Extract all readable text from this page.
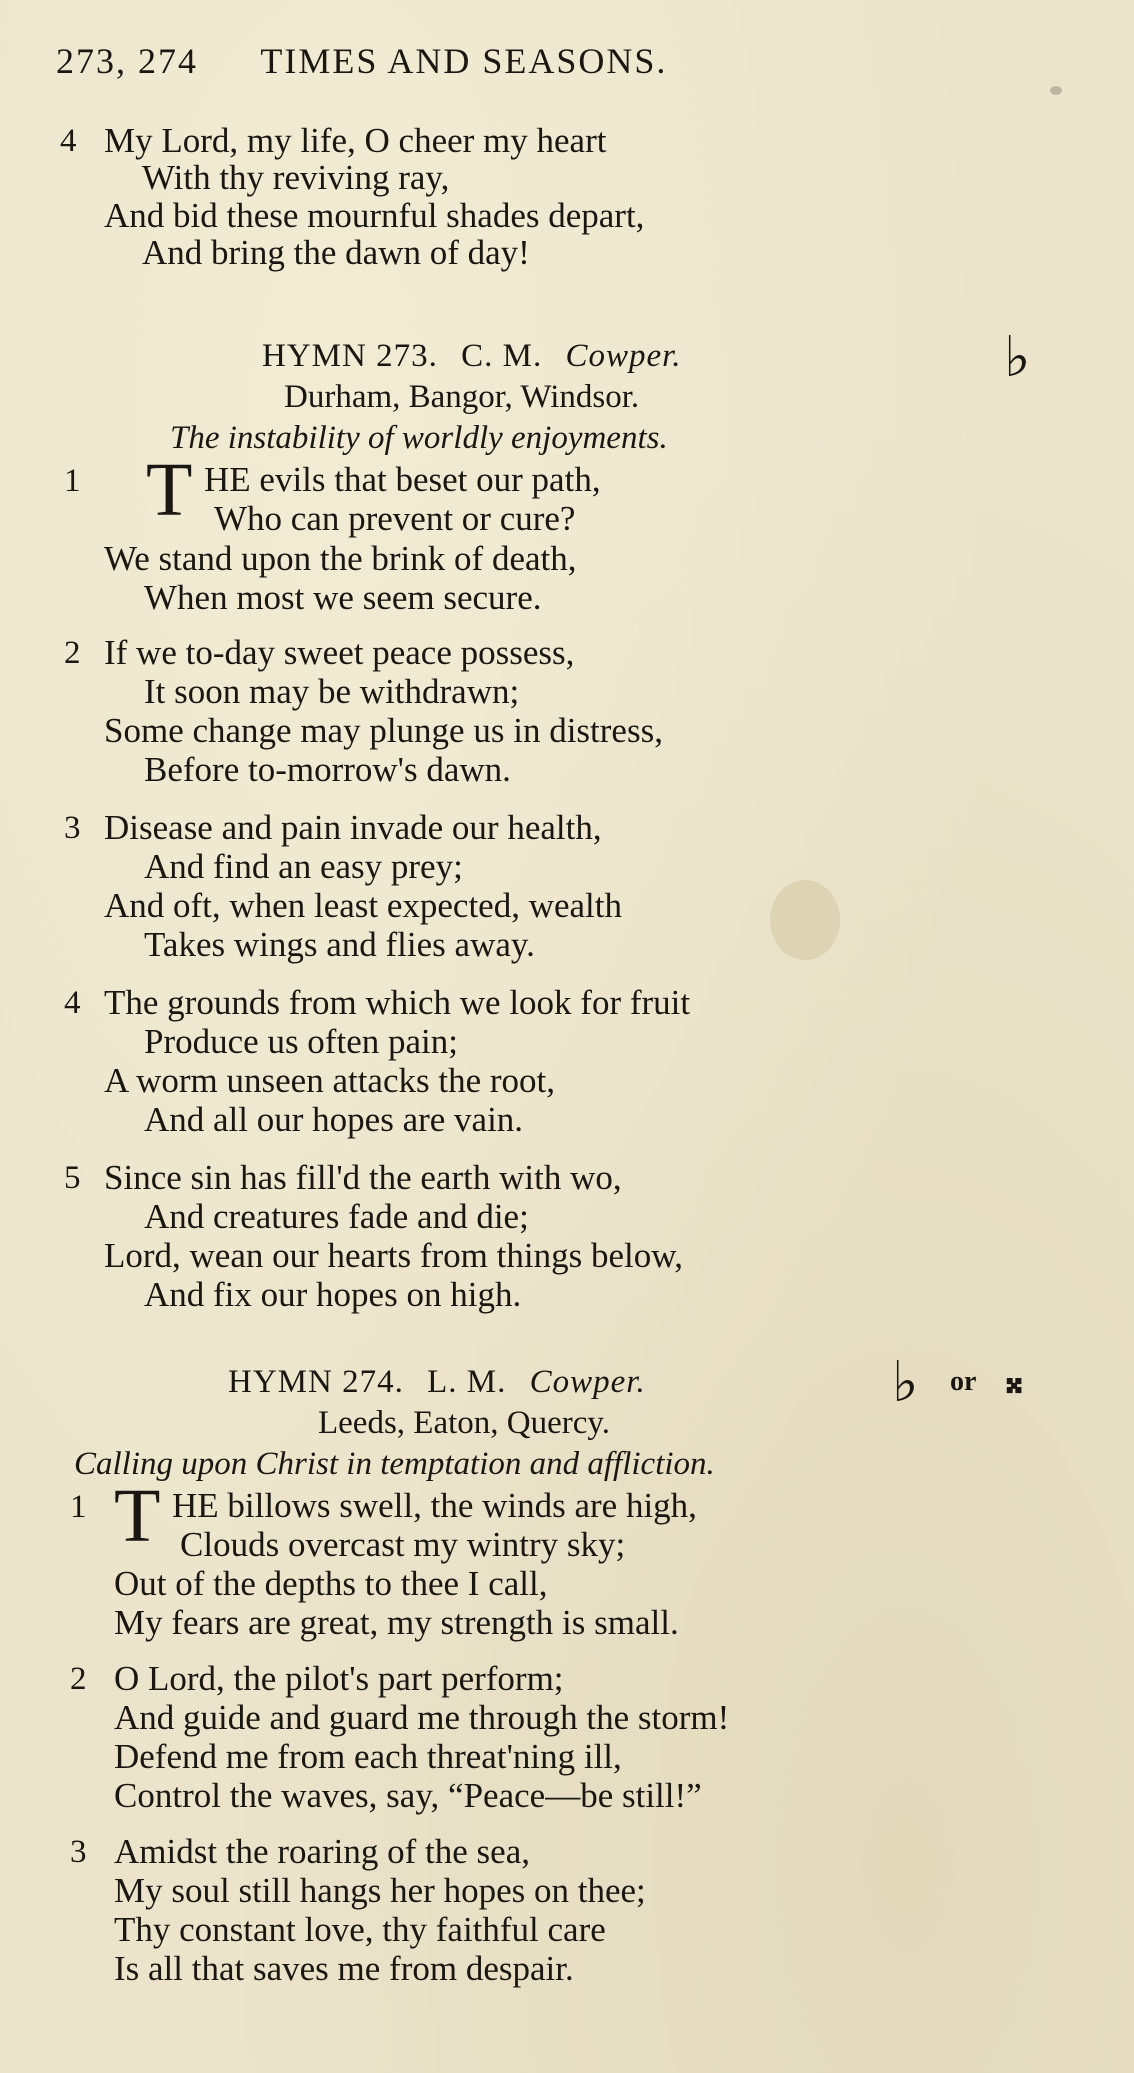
273, 274 TIMES AND SEASONS.
4 My Lord, my life, O cheer my heart
With thy reviving ray,
And bid these mournful shades depart,
And bring the dawn of day!
HYMN 273. C. M. Cowper.	♭
Durham, Bangor, Windsor.
The instability of worldly enjoyments.
1 T HE evils that beset our path,
Who can prevent or cure?
We stand upon the brink of death,
When most we seem secure.
2 If we to-day sweet peace possess,
It soon may be withdrawn;
Some change may plunge us in distress,
Before to-morrow's dawn.
3 Disease and pain invade our health,
And find an easy prey;
And oft, when least expected, wealth
Takes wings and flies away.
4 The grounds from which we look for fruit
Produce us often pain;
A worm unseen attacks the root,
And all our hopes are vain.
5 Since sin has fill'd the earth with wo,
And creatures fade and die;
Lord, wean our hearts from things below,
And fix our hopes on high.
HYMN 274. L. M. Cowper.	♭ or 𝄪
Leeds, Eaton, Quercy.
Calling upon Christ in temptation and affliction.
1 T HE billows swell, the winds are high,
Clouds overcast my wintry sky;
Out of the depths to thee I call,
My fears are great, my strength is small.
2 O Lord, the pilot's part perform;
And guide and guard me through the storm!
Defend me from each threat'ning ill,
Control the waves, say, “Peace—be still!”
3 Amidst the roaring of the sea,
My soul still hangs her hopes on thee;
Thy constant love, thy faithful care
Is all that saves me from despair.
